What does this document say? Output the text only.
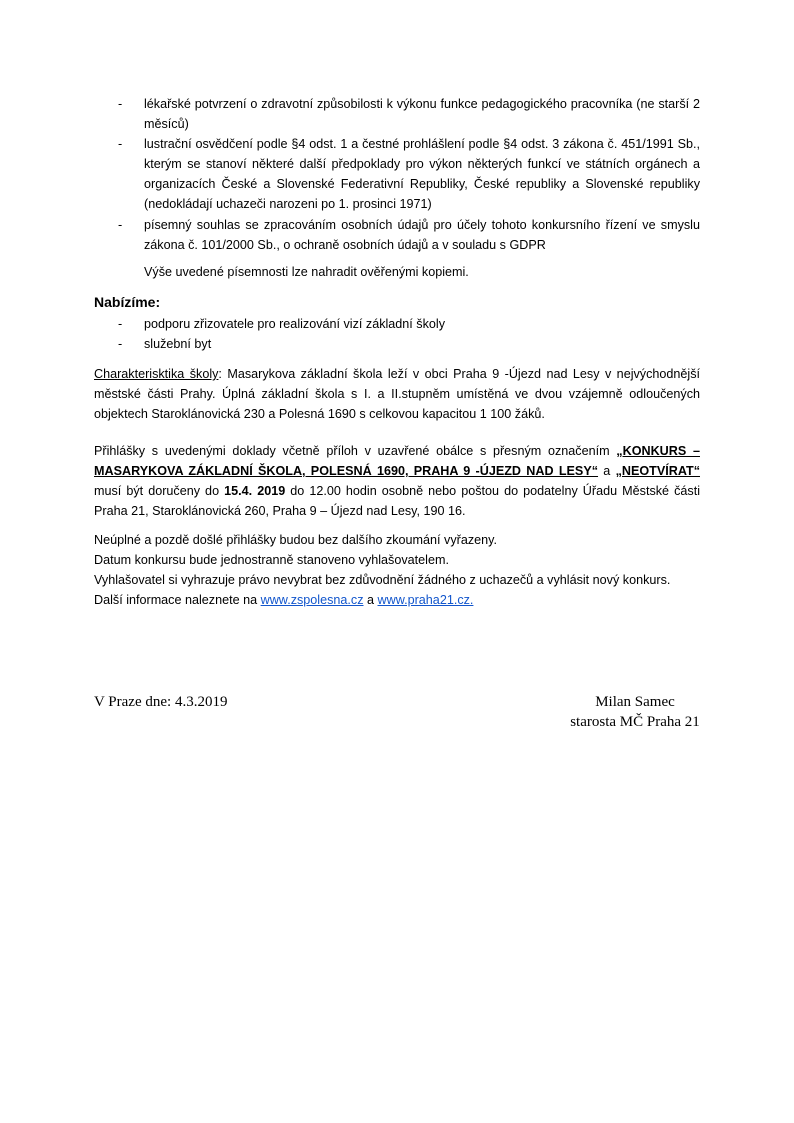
- lékařské potvrzení o zdravotní způsobilosti k výkonu funkce pedagogického pracovníka (ne starší 2 měsíců)
- lustrační osvědčení podle §4 odst. 1 a čestné prohlášlení podle §4 odst. 3 zákona č. 451/1991 Sb., kterým se stanoví některé další předpoklady pro výkon některých funkcí ve státních orgánech a organizacích České a Slovenské Federativní Republiky, České republiky a Slovenské republiky (nedokládají uchazeči narozeni po 1. prosinci 1971)
- písemný souhlas se zpracováním osobních údajů pro účely tohoto konkursního řízení ve smyslu zákona č. 101/2000 Sb., o ochraně osobních údajů a v souladu s GDPR
Výše uvedené písemnosti lze nahradit ověřenými kopiemi.
Nabízíme:
- podporu zřizovatele pro realizování vizí základní školy
- služební byt
Charakterisktika školy: Masarykova základní škola leží v obci Praha 9 -Újezd nad Lesy v nejvýchodnější městské části Prahy. Úplná základní škola s I. a II.stupněm umístěná ve dvou vzájemně odloučených objektech Staroklánovická 230 a Polesná 1690 s celkovou kapacitou 1 100 žáků.
Přihlášky s uvedenými doklady včetně příloh v uzavřené obálce s přesným označením „KONKURS – MASARYKOVA ZÁKLADNÍ ŠKOLA, POLESNÁ 1690, PRAHA 9 -ÚJEZD NAD LESY“ a „NEOTVÍRAT“ musí být doručeny do 15.4. 2019 do 12.00 hodin osobně nebo poštou do podatelny Úřadu Městské části Praha 21, Staroklánovická 260, Praha 9 – Újezd nad Lesy, 190 16.
Neúplné a pozdě došlé přihlášky budou bez dalšího zkoumání vyřazeny.
Datum konkursu bude jednostranně stanoveno vyhlašovatelem.
Vyhlašovatel si vyhrazuje právo nevybrat bez zdůvodnění žádného z uchazečů a vyhlásit nový konkurs.
Další informace naleznete na www.zspolesna.cz a www.praha21.cz.
V Praze dne: 4.3.2019	Milan Samec
starosta MČ Praha 21
